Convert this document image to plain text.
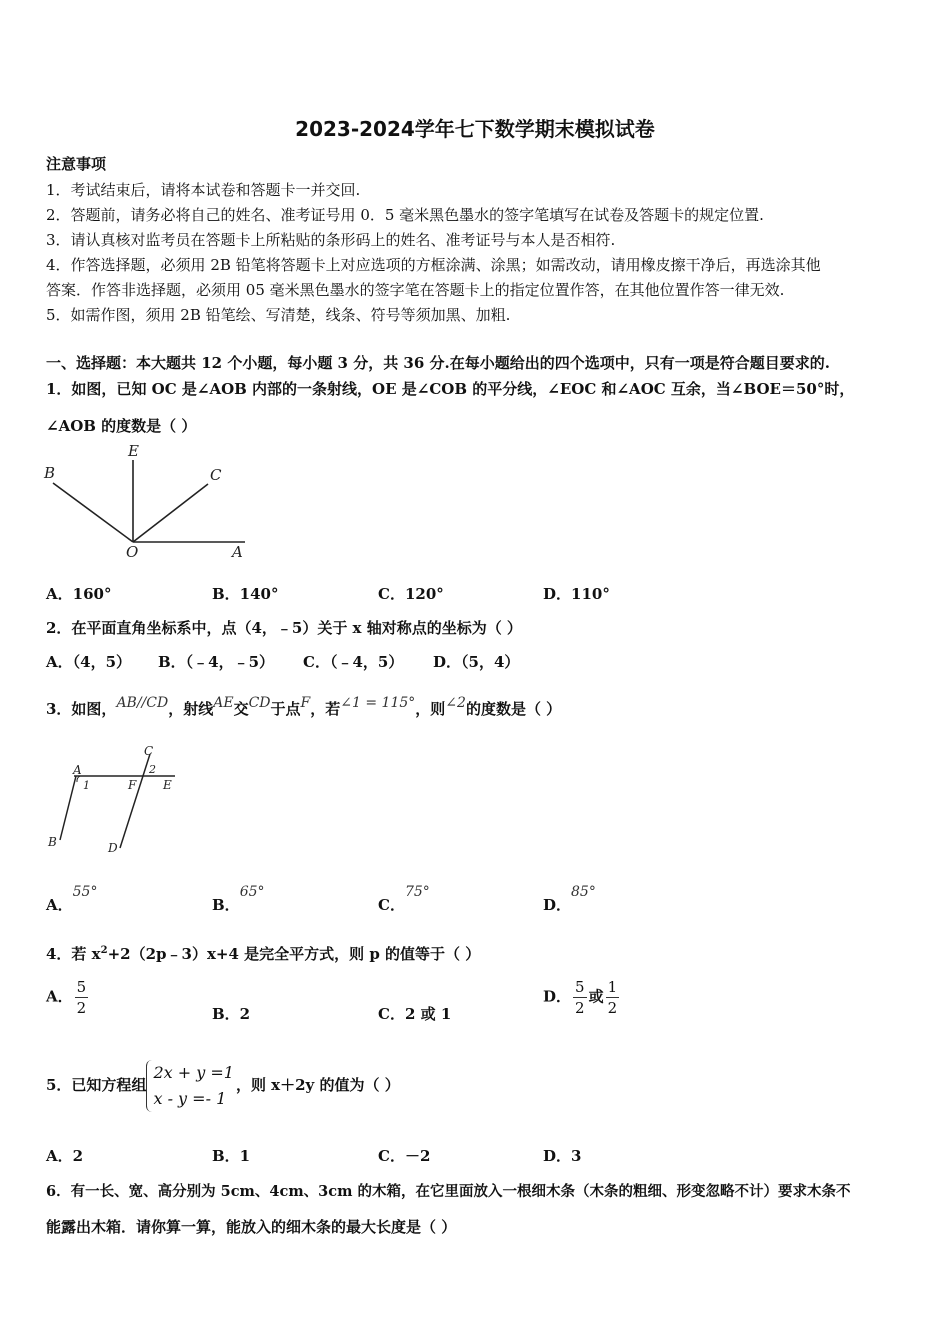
2023-2024学年七下数学期末模拟试卷
注意事项
1．考试结束后，请将本试卷和答题卡一并交回.
2．答题前，请务必将自己的姓名、准考证号用 0．5 毫米黑色墨水的签字笔填写在试卷及答题卡的规定位置.
3．请认真核对监考员在答题卡上所粘贴的条形码上的姓名、准考证号与本人是否相符.
4．作答选择题，必须用 2B 铅笔将答题卡上对应选项的方框涂满、涂黑；如需改动，请用橡皮擦干净后，再选涂其他
答案．作答非选择题，必须用 05 毫米黑色墨水的签字笔在答题卡上的指定位置作答，在其他位置作答一律无效.
5．如需作图，须用 2B 铅笔绘、写清楚，线条、符号等须加黑、加粗.
一、选择题：本大题共 12 个小题，每小题 3 分，共 36 分.在每小题给出的四个选项中，只有一项是符合题目要求的.
1．如图，已知 OC 是∠AOB 内部的一条射线，OE 是∠COB 的平分线，∠EOC 和∠AOC 互余，当∠BOE＝50°时，
∠AOB 的度数是（ ）
B
E
C
O	A
A．160°	B．140°	C．120°	D．110°
2．在平面直角坐标系中，点（4，﹣5）关于 x 轴对称点的坐标为（ ）
A．（4，5） B．（﹣4，﹣5） C．（﹣4，5） D．（5，4）
3．如图，AB//CD，射线AE交CD于点F，若∠1 = 115°，则∠2的度数是（ ）
C
A
1
2
F E
B	D
A．55°
B．65°
C．75°
D．85°
4．若 $x^2+2(2p﹣3)x+4$ 是完全平方式，则 p 的值等于（ ）
A． $\frac{5}{2}$	B．2	C．2 或 1
D． $\frac{5}{2}$ 或 $\frac{1}{2}$
5．已知方程组
2x + y =1
x - y =- 1
，则 x＋2y 的值为（ ）
A．2	B．1	C．－2	D．3
6．有一长、宽、高分别为 5cm、4cm、3cm 的木箱，在它里面放入一根细木条（木条的粗细、形变忽略不计）要求木条不
能露出木箱．请你算一算，能放入的细木条的最大长度是（ ）
